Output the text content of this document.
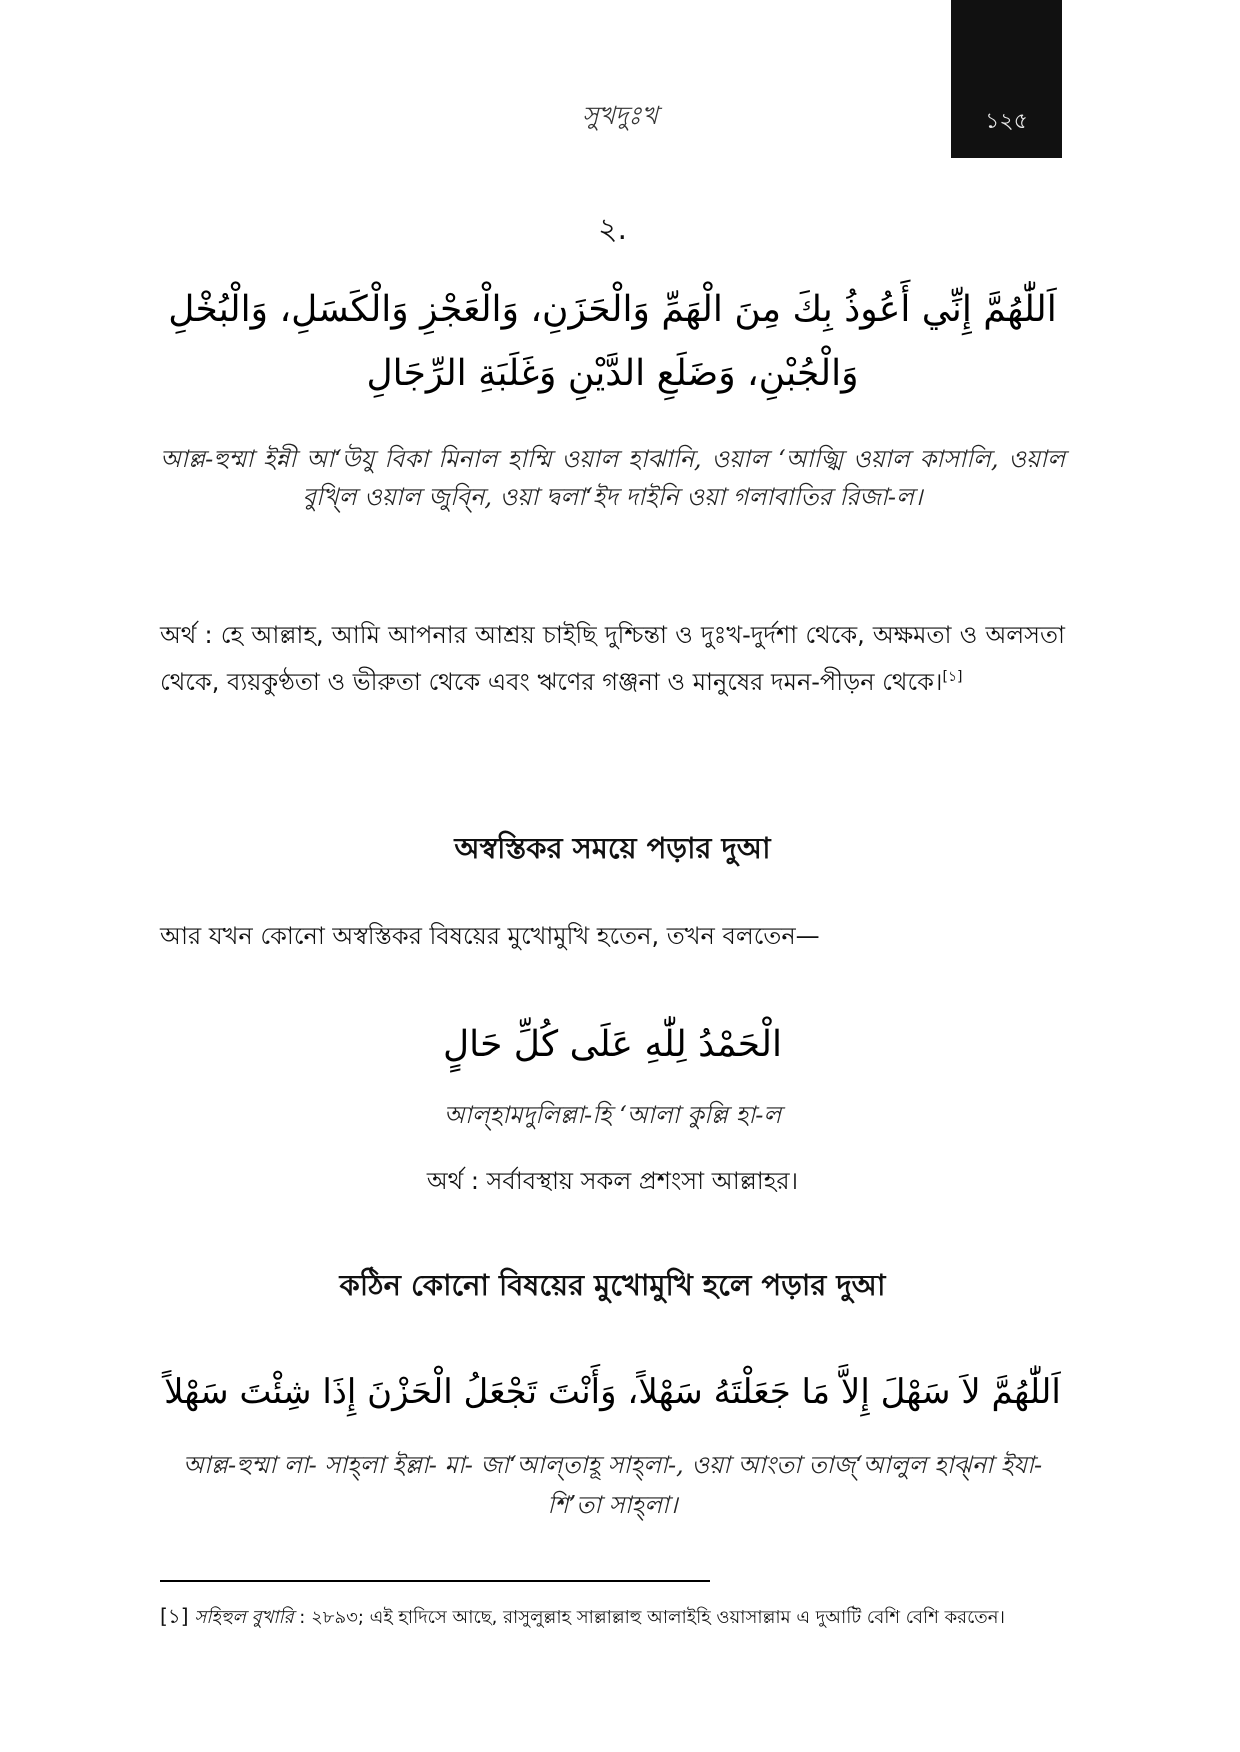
সুখদুঃখ	১২৫
২.
اَللّٰهُمَّ إِنِّي أَعُوذُ بِكَ مِنَ الْهَمِّ وَالْحَزَنِ، وَالْعَجْزِ وَالْكَسَلِ، وَالْبُخْلِ وَالْجُبْنِ، وَضَلَعِ الدَّيْنِ وَغَلَبَةِ الرِّجَالِ
আল্ল-হুম্মা ইন্নী আ‘উযু বিকা মিনাল হাম্মি ওয়াল হাঝানি, ওয়াল ‘আজ্ঝি ওয়াল কাসালি, ওয়াল বুখ্লি ওয়াল জুব্নি, ওয়া দ্বলা‘ইদ দাইনি ওয়া গলাবাতির রিজা-ল।
অর্থ : হে আল্লাহ, আমি আপনার আশ্রয় চাইছি দুশ্চিন্তা ও দুঃখ-দুর্দশা থেকে, অক্ষমতা ও অলসতা থেকে, ব্যয়কুণ্ঠতা ও ভীরুতা থেকে এবং ঋণের গঞ্জনা ও মানুষের দমন-পীড়ন থেকে।[১]
অস্বস্তিকর সময়ে পড়ার দুআ
আর যখন কোনো অস্বস্তিকর বিষয়ের মুখোমুখি হতেন, তখন বলতেন—
الْحَمْدُ لِلّٰهِ عَلَى كُلِّ حَالٍ
আল্‌হামদুলিল্লা-হি ‘আলা কুল্লি হা-ল
অর্থ : সর্বাবস্থায় সকল প্রশংসা আল্লাহর।
কঠিন কোনো বিষয়ের মুখোমুখি হলে পড়ার দুআ
اَللّٰهُمَّ لاَ سَهْلَ إِلاَّ مَا جَعَلْتَهُ سَهْلاً، وَأَنْتَ تَجْعَلُ الْحَزْنَ إِذَا شِئْتَ سَهْلاً
আল্ল-হুম্মা লা- সাহ্‌লা ইল্লা- মা- জা‘আল্‌তাহূ সাহ্‌লা-, ওয়া আংতা তাজ্‌‘আলুল হাঝ্‌না ইযা- শি’তা সাহ্‌লা।
[১] সহিহুল বুখারি : ২৮৯৩; এই হাদিসে আছে, রাসুলুল্লাহ সাল্লাল্লাহু আলাইহি ওয়াসাল্লাম এ দুআটি বেশি বেশি করতেন।
